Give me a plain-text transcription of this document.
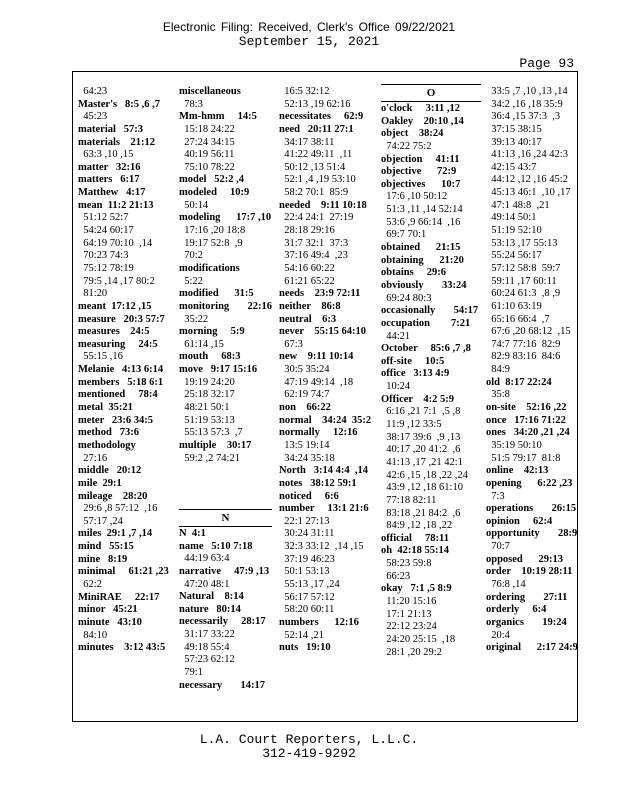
Electronic Filing: Received, Clerk's Office 09/22/2021
September 15, 2021
Page 93
64:23
Master's   8:5 ,6 ,7
45:23
material   57:3
materials    21:12
63:3 ,10 ,15
matter   32:16
matters   6:17
Matthew   4:17
mean  11:2 21:13
51:12 52:7
54:24 60:17
64:19 70:10  ,14
70:23 74:3
75:12 78:19
79:5 ,14 ,17 80:2
81:20
meant  17:12 ,15
measure   20:3 57:7
measures    24:5
measuring     24:5
55:15 ,16
Melanie   4:13 6:14
members   5:18 6:1
mentioned     78:4
metal  35:21
meter   23:6 34:5
method   73:6
methodology
27:16
middle   20:12
mile  29:1
mileage    28:20
29:6 ,8 57:12  ,16
57:17 ,24
miles  29:1 ,7 ,14
mind   55:15
mine   8:19
minimal     61:21 ,23
62:2
MiniRAE     22:17
minor   45:21
minute   43:10
84:10
minutes    3:12 43:5
miscellaneous
78:3
Mm-hmm     14:5
15:18 24:22
27:24 34:15
40:19 56:11
75:10 78:22
model   52:2 ,4
modeled     10:9
50:14
modeling      17:7 ,10
17:16 ,20 18:8
19:17 52:8  ,9
70:2
modifications
5:22
modified      31:5
monitoring       22:16
35:22
morning     5:9
61:14 ,15
mouth     68:3
move   9:17 15:16
19:19 24:20
25:18 32:17
48:21 50:1
51:19 53:13
55:13 57:3  ,7
multiple    30:17
59:2 ,2 74:21
N
N  4:1
name   5:10 7:18
44:19 63:4
narrative     47:9 ,13
47:20 48:1
Natural    8:14
nature   80:14
necessarily     28:17
31:17 33:22
49:18 55:4
57:23 62:12
79:1
necessary       14:17
16:5 32:12
52:13 ,19 62:16
necessitates     62:9
need   20:11 27:1
34:17 38:11
41:22 49:11  ,11
50:12 ,13 51:4
52:1 ,4 ,19 53:10
58:2 70:1  85:9
needed    9:11 10:18
22:4 24:1  27:19
28:18 29:16
31:7 32:1  37:3
37:16 49:4  ,23
54:16 60:22
61:21 65:22
needs    23:9 72:11
neither    86:8
neutral    6:3
never    55:15 64:10
67:3
new    9:11 10:14
30:5 35:24
47:19 49:14  ,18
62:19 74:7
non    66:22
normal    34:24  35:2
normally     12:16
13:5 19:14
34:24 35:18
North   3:14 4:4  ,14
notes   38:12 59:1
noticed     6:6
number     13:1 21:6
22:1 27:13
30:24 31:11
32:3 33:12  ,14 ,15
37:19 46:23
50:1 53:13
55:13 ,17 ,24
56:17 57:12
58:20 60:11
numbers      12:16
52:14 ,21
nuts   19:10
O
o'clock     3:11 ,12
Oakley    20:10 ,14
object    38:24
74:22 75:2
objection     41:11
objective      72:9
objectives      10:7
17:6 ,10 50:12
51:3 ,11 ,14 52:14
53:6 ,9 66:14  ,16
69:7 70:1
obtained      21:15
obtaining      21:20
obtains     29:6
obviously       33:24
69:24 80:3
occasionally       54:17
occupation        7:21
44:21
October     85:6 ,7 ,8
off-site     10:5
office   3:13 4:9
10:24
Officer    4:2 5:9
6:16 ,21 7:1  ,5 ,8
11:9 ,12 33:5
38:17 39:6  ,9 ,13
40:17 ,20 41:2  ,6
41:13 ,17 ,21 42:1
42:6 ,15 ,18 ,22 ,24
43:9 ,12 ,18 61:10
77:18 82:11
83:18 ,21 84:2  ,6
84:9 ,12 ,18 ,22
official     78:11
oh  42:18 55:14
58:23 59:8
66:23
okay   7:1 ,5 8:9
11:20 15:16
17:1 21:13
22:12 23:24
24:20 25:15  ,18
28:1 ,20 29:2
33:5 ,7 ,10 ,13 ,14
34:2 ,16 ,18 35:9
36:4 ,15 37:3  ,3
37:15 38:15
39:13 40:17
41:13 ,16 ,24 42:3
42:15 43:7
44:12 ,12 ,16 45:2
45:13 46:1  ,10 ,17
47:1 48:8  ,21
49:14 50:1
51:19 52:10
53:13 ,17 55:13
55:24 56:17
57:12 58:8  59:7
59:11 ,17 60:11
60:24 61:3  ,8 ,9
61:10 63:19
65:16 66:4  ,7
67:6 ,20 68:12  ,15
74:7 77:16  82:9
82:9 83:16  84:6
84:9
old  8:17 22:24
35:8
on-site    52:16 ,22
once   17:16 71:22
ones   34:20 ,21 ,24
35:19 50:10
51:5 79:17  81:8
online    42:13
opening      6:22 ,23
7:3
operations       26:15
opinion     62:4
opportunity       28:9
70:7
opposed      29:13
order    10:19 28:11
76:8 ,14
ordering       27:11
orderly     6:4
organics       19:24
20:4
original      2:17 24:9
L.A. Court Reporters, L.L.C.
312-419-9292
